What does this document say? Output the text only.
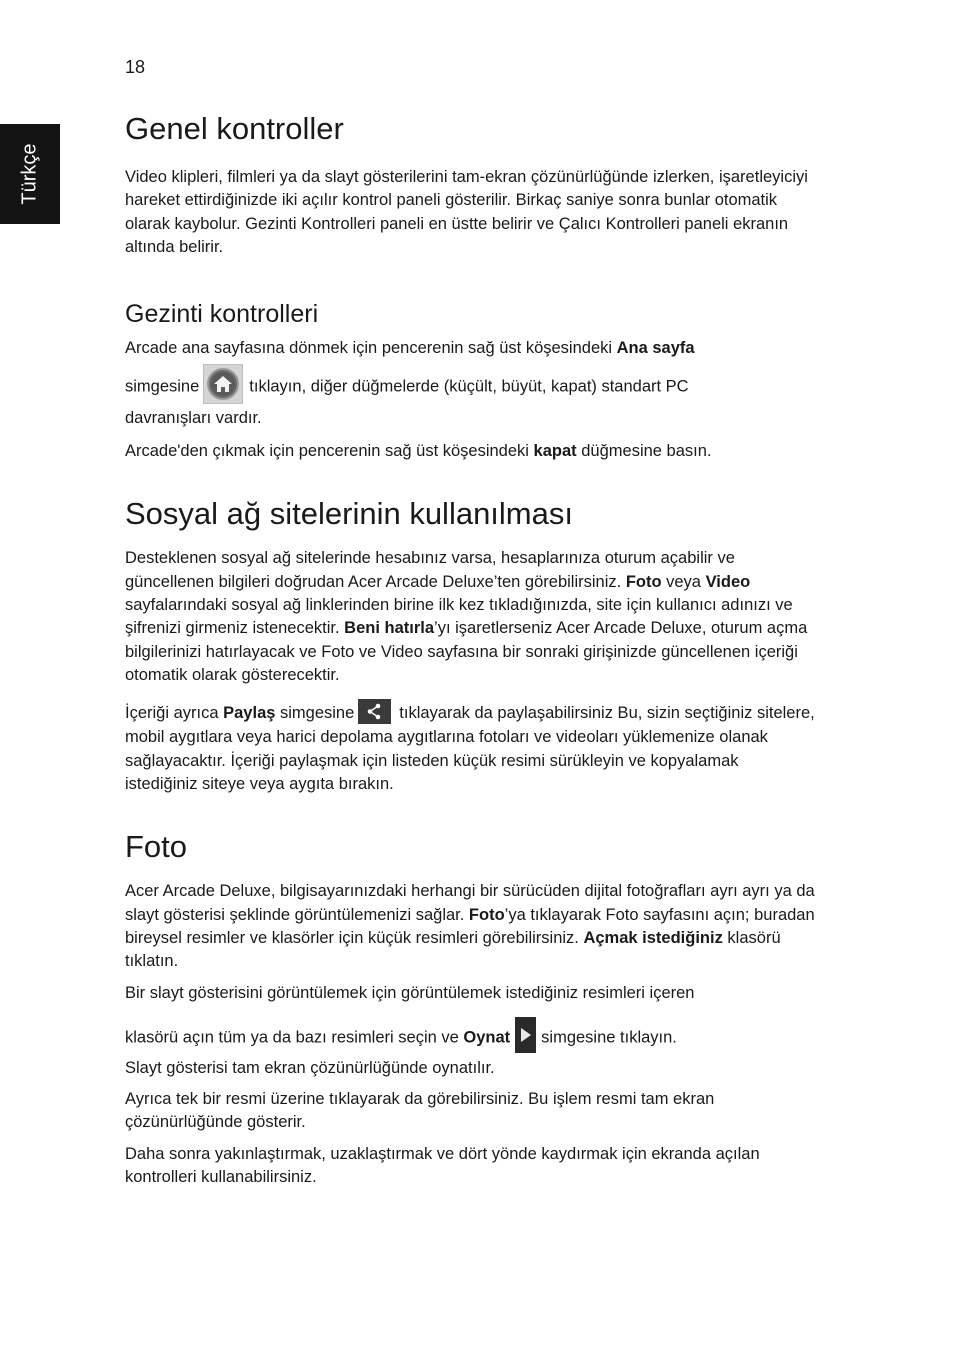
18
Türkçe
Genel kontroller

Video klipleri, filmleri ya da slayt gösterilerini tam-ekran çözünürlüğünde izlerken, işaretleyiciyi hareket ettirdiğinizde iki açılır kontrol paneli gösterilir. Birkaç saniye sonra bunlar otomatik olarak kaybolur. Gezinti Kontrolleri paneli en üstte belirir ve Çalıcı Kontrolleri paneli ekranın altında belirir.

Gezinti kontrolleri

Arcade ana sayfasına dönmek için pencerenin sağ üst köşesindeki Ana sayfa

simgesine	tıklayın, diğer düğmelerde (küçült, büyüt, kapat) standart PC
davranışları vardır.

Arcade'den çıkmak için pencerenin sağ üst köşesindeki kapat düğmesine basın.

Sosyal ağ sitelerinin kullanılması

Desteklenen sosyal ağ sitelerinde hesabınız varsa, hesaplarınıza oturum açabilir ve güncellenen bilgileri doğrudan Acer Arcade Deluxe’ten görebilirsiniz. Foto veya Video sayfalarındaki sosyal ağ linklerinden birine ilk kez tıkladığınızda, site için kullanıcı adınızı ve şifrenizi girmeniz istenecektir. Beni hatırla’yı işaretlerseniz Acer Arcade Deluxe, oturum açma bilgilerinizi hatırlayacak ve Foto ve Video sayfasına bir sonraki girişinizde güncellenen içeriği otomatik olarak gösterecektir.

İçeriği ayrıca Paylaş simgesine	tıklayarak da paylaşabilirsiniz Bu, sizin seçtiğiniz sitelere, mobil aygıtlara veya harici depolama aygıtlarına fotoları ve videoları yüklemenize olanak sağlayacaktır. İçeriği paylaşmak için listeden küçük resimi sürükleyin ve kopyalamak istediğiniz siteye veya aygıta bırakın.

Foto

Acer Arcade Deluxe, bilgisayarınızdaki herhangi bir sürücüden dijital fotoğrafları ayrı ayrı ya da slayt gösterisi şeklinde görüntülemenizi sağlar. Foto’ya tıklayarak Foto sayfasını açın; buradan bireysel resimler ve klasörler için küçük resimleri görebilirsiniz. Açmak istediğiniz klasörü tıklatın.

Bir slayt gösterisini görüntülemek için görüntülemek istediğiniz resimleri içeren

klasörü açın tüm ya da bazı resimleri seçin ve Oynat simgesine tıklayın.

Slayt gösterisi tam ekran çözünürlüğünde oynatılır.

Ayrıca tek bir resmi üzerine tıklayarak da görebilirsiniz. Bu işlem resmi tam ekran çözünürlüğünde gösterir.

Daha sonra yakınlaştırmak, uzaklaştırmak ve dört yönde kaydırmak için ekranda açılan kontrolleri kullanabilirsiniz.
